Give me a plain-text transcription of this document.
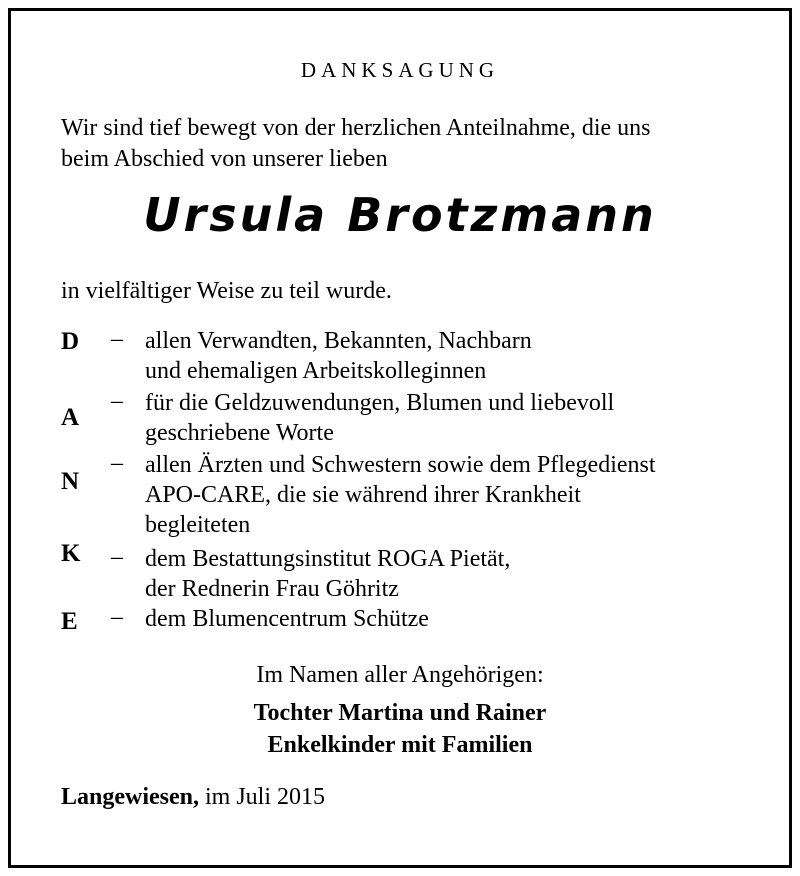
DANKSAGUNG
Wir sind tief bewegt von der herzlichen Anteilnahme, die uns
beim Abschied von unserer lieben
Ursula Brotzmann
in vielfältiger Weise zu teil wurde.
D – allen Verwandten, Bekannten, Nachbarn
und ehemaligen Arbeitskolleginnen
A
– für die Geldzuwendungen, Blumen und liebevoll
geschriebene Worte
N
– allen Ärzten und Schwestern sowie dem Pflegedienst
APO-CARE, die sie während ihrer Krankheit
begleiteten
K – dem Bestattungsinstitut ROGA Pietät,
der Rednerin Frau Göhritz
E – dem Blumencentrum Schütze
Im Namen aller Angehörigen:
Tochter Martina und Rainer
Enkelkinder mit Familien
Langewiesen, im Juli 2015
